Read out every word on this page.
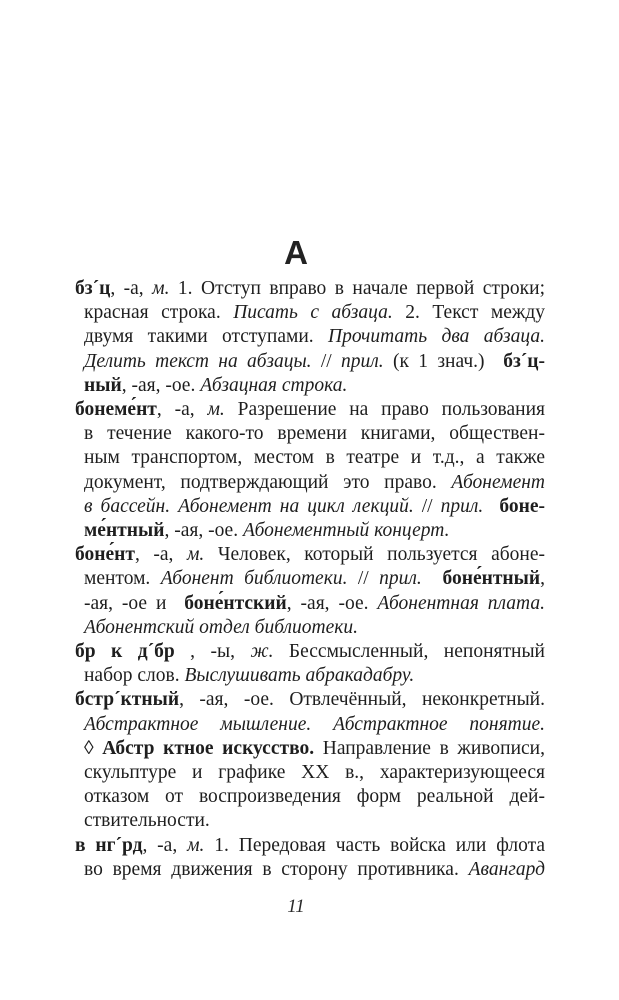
А
бз´ц, -а, м. 1. Отступ вправо в начале первой строки;
красная строка. Писать с абзаца. 2. Текст между
двумя такими отступами. Прочитать два абзаца.
Делить текст на абзацы. // прил. (к 1 знач.)  бз´ц-
ный, -ая, -ое. Абзацная строка.
бонеме́нт, -а, м. Разрешение на право пользования
в течение какого-то времени книгами, обществен-
ным транспортом, местом в театре и т.д., а также
документ, подтверждающий это право. Абонемент
в бассейн. Абонемент на цикл лекций. // прил. боне-
ме́нтный, -ая, -ое. Абонементный концерт.
боне́нт, -а, м. Человек, который пользуется абоне-
ментом. Абонент библиотеки. // прил. боне́нтный,
-ая, -ое и  боне́нтский, -ая, -ое. Абонентная плата.
Абонентский отдел библиотеки.
бр к д´бр , -ы, ж. Бессмысленный, непонятный
набор слов. Выслушивать абракадабру.
бстр´ктный, -ая, -ое. Отвлечённый, неконкретный.
Абстрактное мышление. Абстрактное понятие.
◊ Абстр ктное искусство. Направление в живописи,
скульптуре и графике XX в., характеризующееся
отказом от воспроизведения форм реальной дей-
ствительности.
в нг´рд, -а, м. 1. Передовая часть войска или флота
во время движения в сторону противника. Авангард
11
